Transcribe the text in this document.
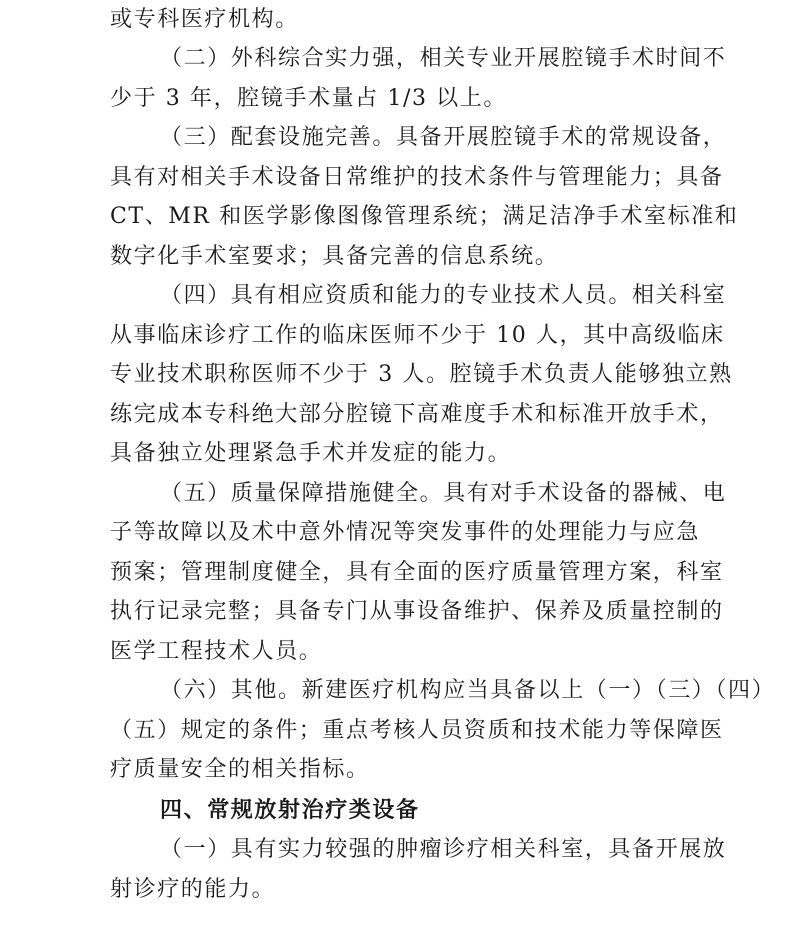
或专科医疗机构。
（二）外科综合实力强，相关专业开展腔镜手术时间不
少于 3 年，腔镜手术量占 1/3 以上。
（三）配套设施完善。具备开展腔镜手术的常规设备，
具有对相关手术设备日常维护的技术条件与管理能力；具备
CT、MR 和医学影像图像管理系统；满足洁净手术室标准和
数字化手术室要求；具备完善的信息系统。
（四）具有相应资质和能力的专业技术人员。相关科室
从事临床诊疗工作的临床医师不少于 10 人，其中高级临床
专业技术职称医师不少于 3 人。腔镜手术负责人能够独立熟
练完成本专科绝大部分腔镜下高难度手术和标准开放手术，
具备独立处理紧急手术并发症的能力。
（五）质量保障措施健全。具有对手术设备的器械、电
子等故障以及术中意外情况等突发事件的处理能力与应急
预案；管理制度健全，具有全面的医疗质量管理方案，科室
执行记录完整；具备专门从事设备维护、保养及质量控制的
医学工程技术人员。
（六）其他。新建医疗机构应当具备以上（一）（三）（四）
（五）规定的条件；重点考核人员资质和技术能力等保障医
疗质量安全的相关指标。
四、常规放射治疗类设备
（一）具有实力较强的肿瘤诊疗相关科室，具备开展放
射诊疗的能力。
